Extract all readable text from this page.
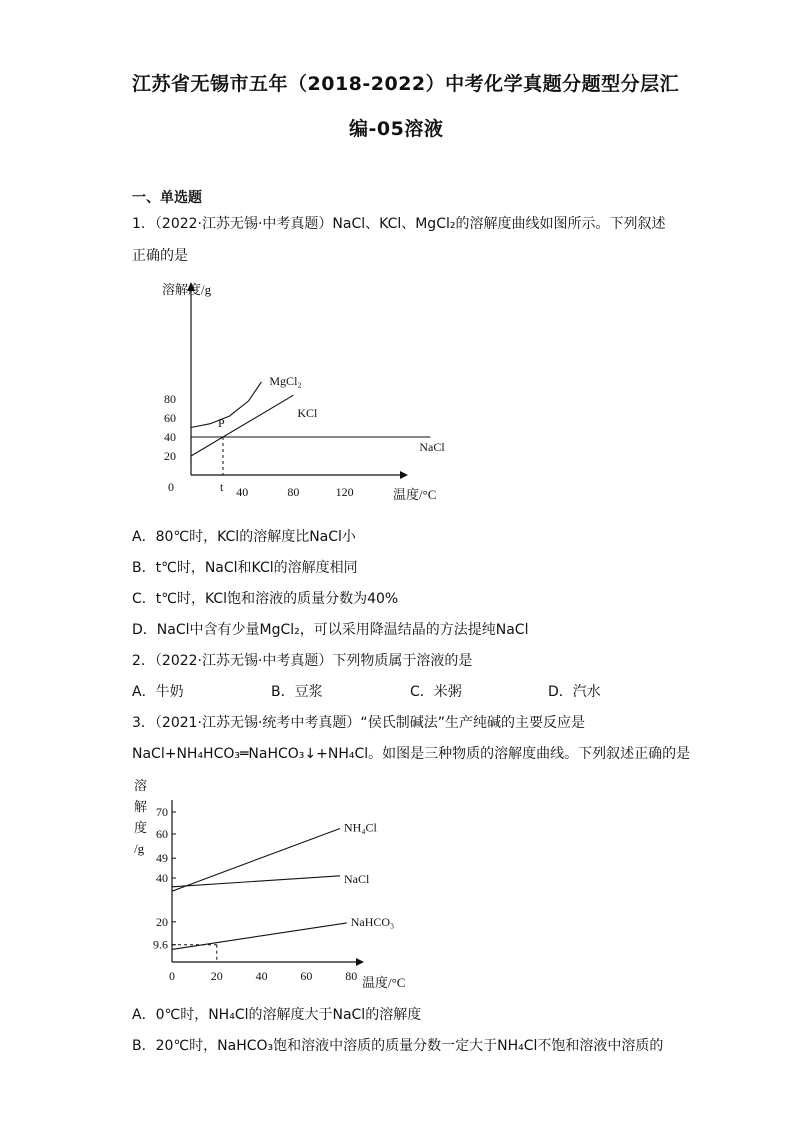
江苏省无锡市五年（2018-2022）中考化学真题分题型分层汇
编-05溶液
一、单选题
1．（2022·江苏无锡·中考真题）NaCl、KCl、MgCl₂的溶解度曲线如图所示。下列叙述
正确的是
溶解度/g
温度/°C
0
20
40
60
80
40	80	120
MgCl₂
KCl
NaCl
P
t
A．80℃时，KCl的溶解度比NaCl小
B．t℃时，NaCl和KCl的溶解度相同
C．t℃时，KCl饱和溶液的质量分数为40%
D．NaCl中含有少量MgCl₂，可以采用降温结晶的方法提纯NaCl
2．（2022·江苏无锡·中考真题）下列物质属于溶液的是
A．牛奶	B．豆浆	C．米粥	D．汽水
3．（2021·江苏无锡·统考中考真题）“侯氏制碱法”生产纯碱的主要反应是
NaCl+NH₄HCO₃═NaHCO₃↓+NH₄Cl。如图是三种物质的溶解度曲线。下列叙述正确的是
溶
解
度
/g
温度/°C
9.6
20
40
49
60
70
0	20	40	60	80
NH₄Cl
NaCl
NaHCO₃
A．0℃时，NH₄Cl的溶解度大于NaCl的溶解度
B．20℃时，NaHCO₃饱和溶液中溶质的质量分数一定大于NH₄Cl不饱和溶液中溶质的
